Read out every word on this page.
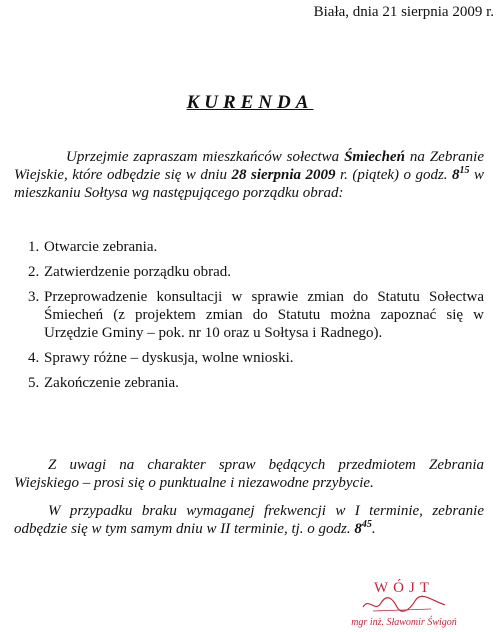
Biała, dnia 21 sierpnia 2009 r.
KURENDA
Uprzejmie zapraszam mieszkańców sołectwa Śmiecheń na Zebranie Wiejskie, które odbędzie się w dniu 28 sierpnia 2009 r. (piątek) o godz. $8^{15}$ w mieszkaniu Sołtysa wg następującego porządku obrad:
1. Otwarcie zebrania.
2. Zatwierdzenie porządku obrad.
3. Przeprowadzenie konsultacji w sprawie zmian do Statutu Sołectwa Śmiecheń (z projektem zmian do Statutu można zapoznać się w Urzędzie Gminy – pok. nr 10 oraz u Sołtysa i Radnego).
4. Sprawy różne – dyskusja, wolne wnioski.
5. Zakończenie zebrania.
Z uwagi na charakter spraw będących przedmiotem Zebrania Wiejskiego – prosi się o punktualne i niezawodne przybycie.
W przypadku braku wymaganej frekwencji w I terminie, zebranie odbędzie się w tym samym dniu w II terminie, tj. o godz. $8^{45}$.
WÓJT
mgr inż. Sławomir Świgoń
